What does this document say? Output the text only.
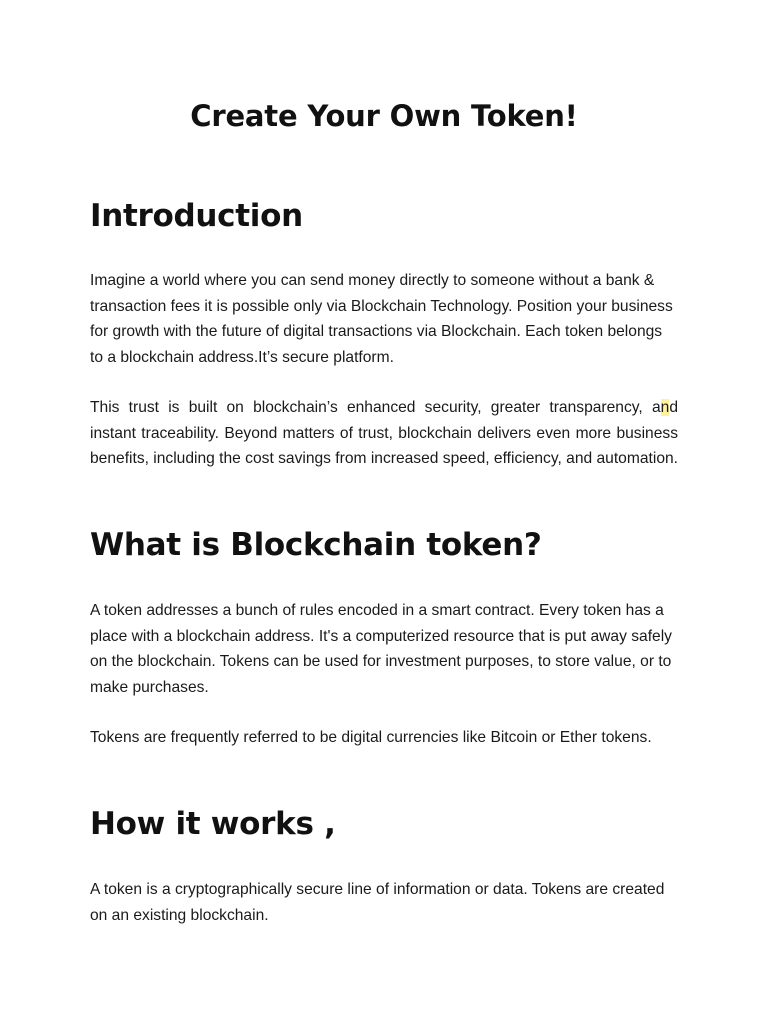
Create Your Own Token!
Introduction

Imagine a world where you can send money directly to someone without a bank & transaction fees it is possible only via Blockchain Technology. Position your business for growth with the future of digital transactions via Blockchain. Each token belongs to a blockchain address.It’s secure platform.

This trust is built on blockchain’s enhanced security, greater transparency, and instant traceability. Beyond matters of trust, blockchain delivers even more business benefits, including the cost savings from increased speed, efficiency, and automation.

What is Blockchain token?

A token addresses a bunch of rules encoded in a smart contract. Every token has a place with a blockchain address. It's a computerized resource that is put away safely on the blockchain. Tokens can be used for investment purposes, to store value, or to make purchases.

Tokens are frequently referred to be digital currencies like Bitcoin or Ether tokens.

How it works ,

A token is a cryptographically secure line of information or data. Tokens are created on an existing blockchain.
